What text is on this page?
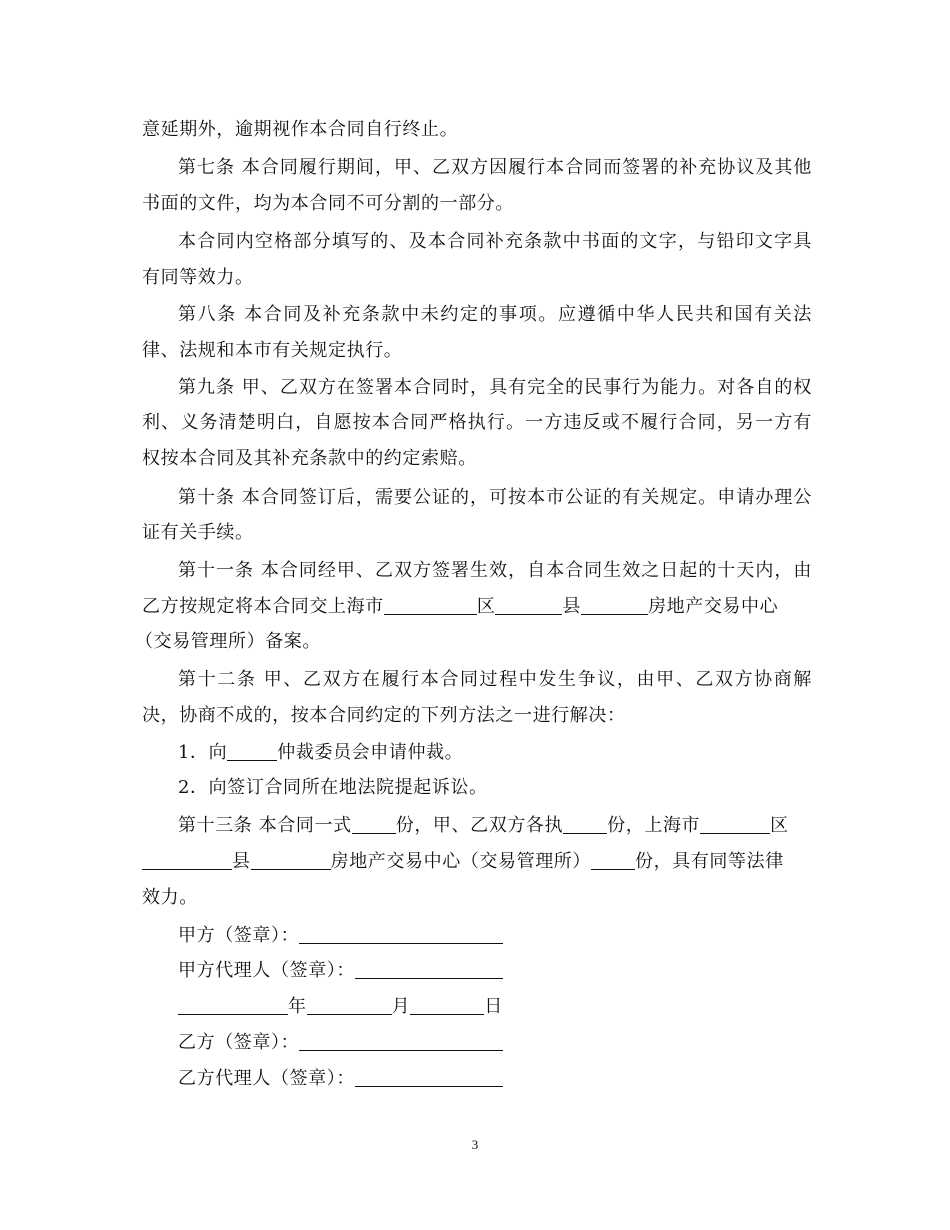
意延期外，逾期视作本合同自行终止。
第七条 本合同履行期间，甲、乙双方因履行本合同而签署的补充协议及其他
书面的文件，均为本合同不可分割的一部分。
本合同内空格部分填写的、及本合同补充条款中书面的文字，与铅印文字具
有同等效力。
第八条 本合同及补充条款中未约定的事项。应遵循中华人民共和国有关法
律、法规和本市有关规定执行。
第九条 甲、乙双方在签署本合同时，具有完全的民事行为能力。对各自的权
利、义务清楚明白，自愿按本合同严格执行。一方违反或不履行合同，另一方有
权按本合同及其补充条款中的约定索赔。
第十条 本合同签订后，需要公证的，可按本市公证的有关规定。申请办理公
证有关手续。
第十一条 本合同经甲、乙双方签署生效，自本合同生效之日起的十天内，由
乙方按规定将本合同交上海市	区	县	房地产交易中心
（交易管理所）备案。
第十二条 甲、乙双方在履行本合同过程中发生争议，由甲、乙双方协商解
决，协商不成的，按本合同约定的下列方法之一进行解决：
1．向	仲裁委员会申请仲裁。
2．向签订合同所在地法院提起诉讼。
第十三条 本合同一式 份，甲、乙双方各执 份，上海市	区
县	房地产交易中心（交易管理所） 份，具有同等法律
效力。
甲方（签章）：
甲方代理人（签章）：
年	月	日
乙方（签章）：
乙方代理人（签章）：
3
